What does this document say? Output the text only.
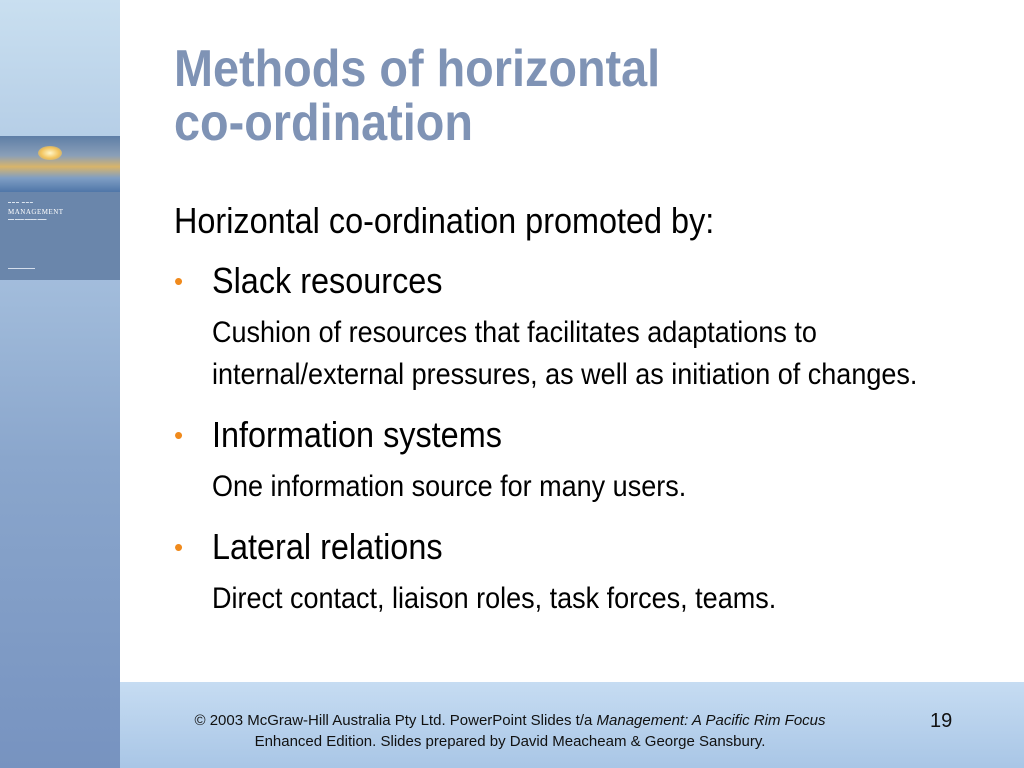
▬▬▬ ▬▬▬
MANAGEMENT
▬▬ ▬▬▬ ▬▬▬▬ ▬▬▬
▬▬▬▬▬▬▬▬▬
Methods of horizontal
co-ordination
Horizontal co-ordination promoted by:
• Slack resources
Cushion of resources that facilitates adaptations to internal/external pressures, as well as initiation of changes.
• Information systems
One information source for many users.
• Lateral relations
Direct contact, liaison roles, task forces, teams.
© 2003 McGraw-Hill Australia Pty Ltd. PowerPoint Slides t/a Management: A Pacific Rim Focus
Enhanced Edition. Slides prepared by David Meacheam & George Sansbury.
19
